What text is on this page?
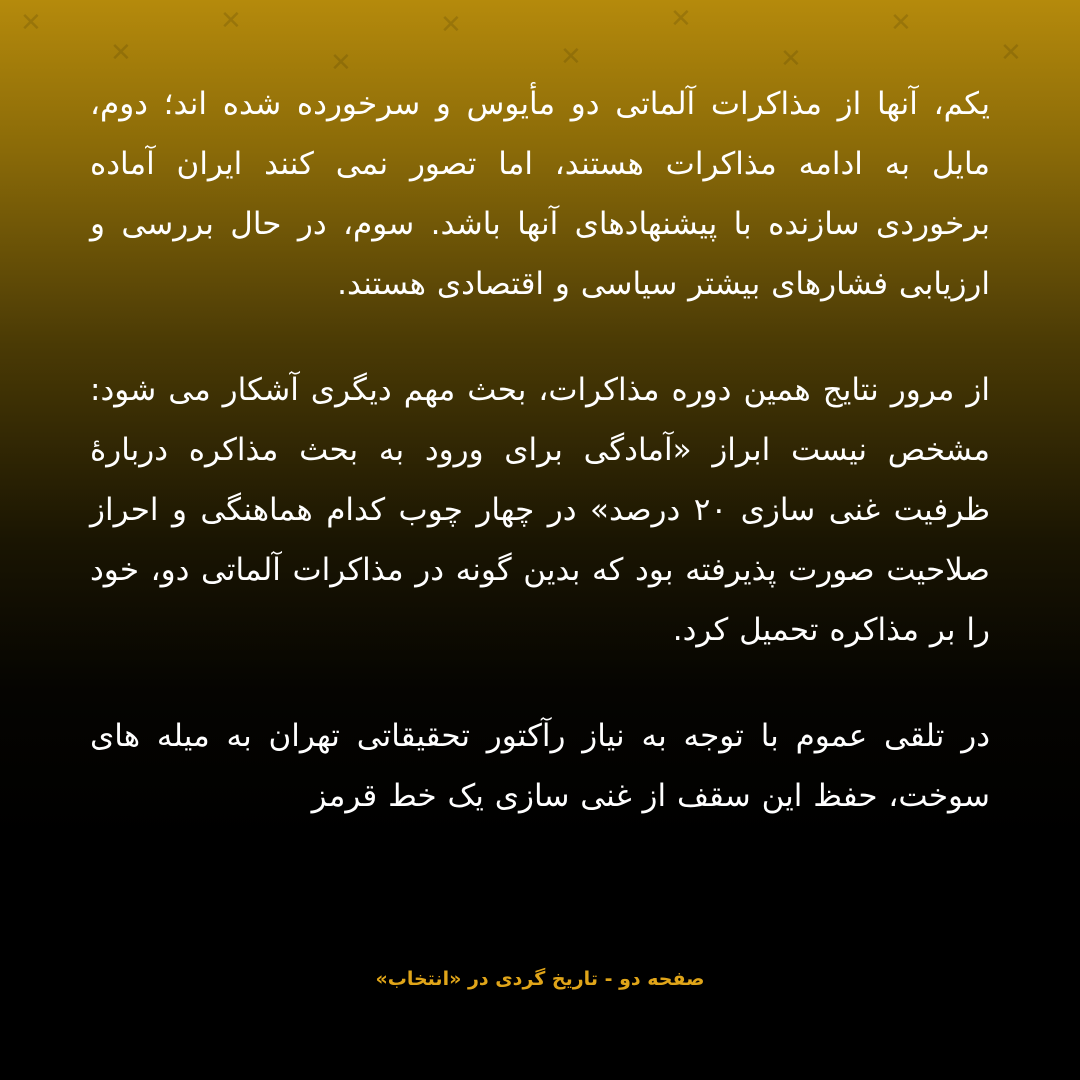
✕
✕
✕
✕
✕
✕
✕
✕
✕
✕

یکم، آنها از مذاکرات آلماتی دو مأیوس و سرخورده شده اند؛ دوم، مایل به ادامه مذاکرات هستند، اما تصور نمی کنند ایران آماده برخوردی سازنده با پیشنهادهای آنها باشد. سوم، در حال بررسی و ارزیابی فشارهای بیشتر سیاسی و اقتصادی هستند.

از مرور نتایج همین دوره مذاکرات، بحث مهم دیگری آشکار می شود: مشخص نیست ابراز «آمادگی برای ورود به بحث مذاکره دربارۀ ظرفیت غنی سازی ۲۰ درصد» در چهار چوب کدام هماهنگی و احراز صلاحیت صورت پذیرفته بود که بدین گونه در مذاکرات آلماتی دو، خود را بر مذاکره تحمیل کرد.

در تلقی عموم با توجه به نیاز رآکتور تحقیقاتی تهران به میله های سوخت، حفظ این سقف از غنی سازی یک خط قرمز

صفحه دو - تاریخ گردی در «انتخاب»
